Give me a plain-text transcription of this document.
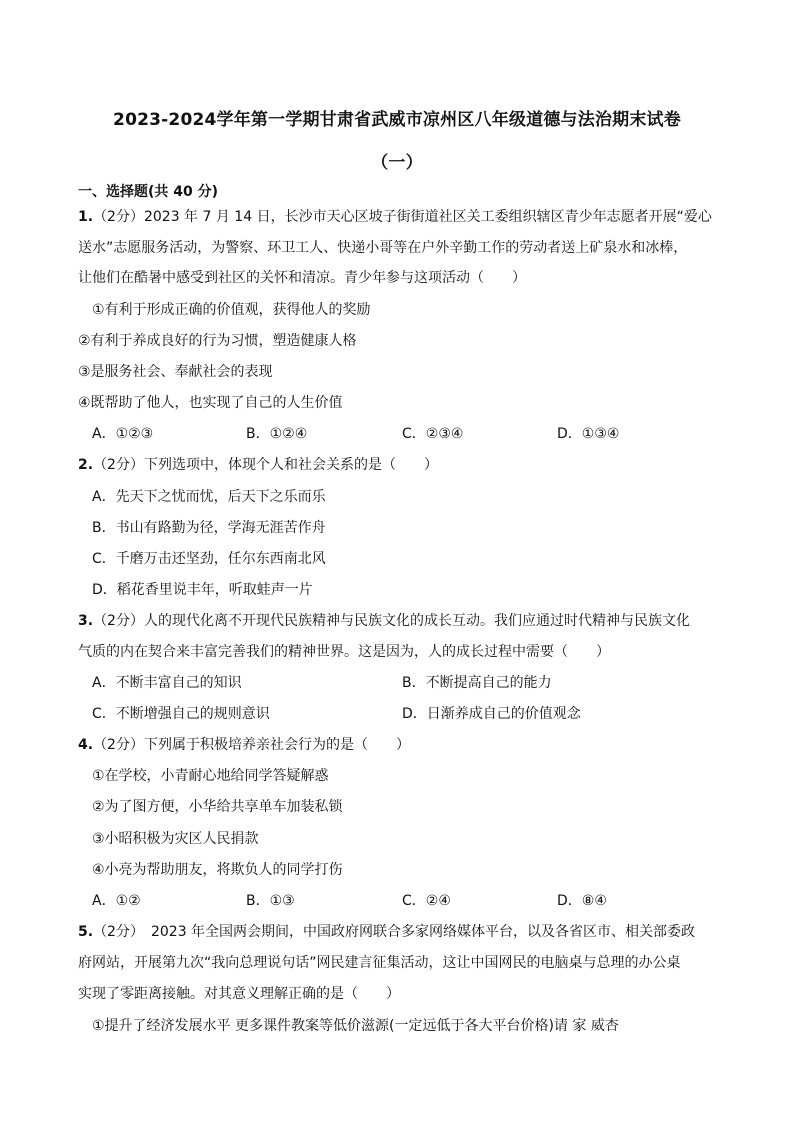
2023-2024学年第一学期甘肃省武威市凉州区八年级道德与法治期末试卷
（一）
一、选择题(共 40 分)
1.（2分）2023 年 7 月 14 日，长沙市天心区坡子街街道社区关工委组织辖区青少年志愿者开展“爱心
送水”志愿服务活动，为警察、环卫工人、快递小哥等在户外辛勤工作的劳动者送上矿泉水和冰棒，
让他们在酷暑中感受到社区的关怀和清凉。青少年参与这项活动（　　）
①有利于形成正确的价值观，获得他人的奖励
②有利于养成良好的行为习惯，塑造健康人格
③是服务社会、奉献社会的表现
④既帮助了他人，也实现了自己的人生价值
A．①②③	B．①②④	C．②③④	D．①③④
2.（2分）下列选项中，体现个人和社会关系的是（　　）
A．先天下之忧而忧，后天下之乐而乐
B．书山有路勤为径，学海无涯苦作舟
C．千磨万击还坚劲，任尔东西南北风
D．稻花香里说丰年，听取蛙声一片
3.（2分）人的现代化离不开现代民族精神与民族文化的成长互动。我们应通过时代精神与民族文化
气质的内在契合来丰富完善我们的精神世界。这是因为，人的成长过程中需要（　　）
A．不断丰富自己的知识	B．不断提高自己的能力
C．不断增强自己的规则意识	D．日渐养成自己的价值观念
4.（2分）下列属于积极培养亲社会行为的是（　　）
①在学校，小青耐心地给同学答疑解惑
②为了图方便，小华给共享单车加装私锁
③小昭积极为灾区人民捐款
④小亮为帮助朋友，将欺负人的同学打伤
A．①②	B．①③	C．②④	D．⑧④
5.（2分）　2023 年全国两会期间，中国政府网联合多家网络媒体平台，以及各省区市、相关部委政
府网站，开展第九次“我向总理说句话”网民建言征集活动，这让中国网民的电脑桌与总理的办公桌
实现了零距离接触。对其意义理解正确的是（　　）
①提升了经济发展水平 更多课件教案等低价滋源(一定远低于各大平台价格)请 家 威杏
